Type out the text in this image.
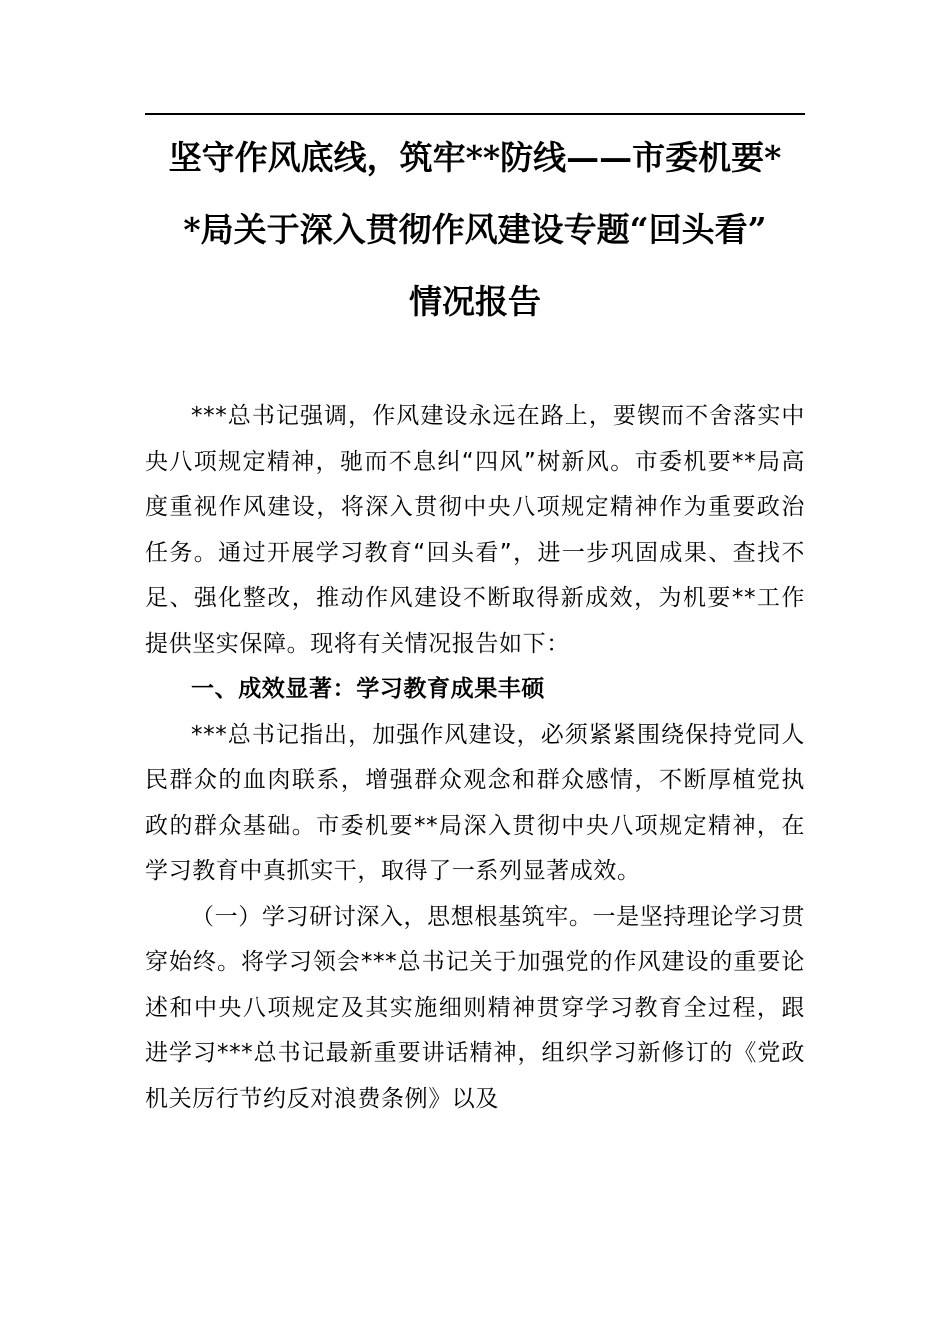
坚守作风底线，筑牢**防线——市委机要*
*局关于深入贯彻作风建设专题“回头看”
情况报告

***总书记强调，作风建设永远在路上，要锲而不舍落实中央八项规定精神，驰而不息纠“四风”树新风。市委机要**局高度重视作风建设，将深入贯彻中央八项规定精神作为重要政治任务。通过开展学习教育“回头看”，进一步巩固成果、查找不足、强化整改，推动作风建设不断取得新成效，为机要**工作提供坚实保障。现将有关情况报告如下：

一、成效显著：学习教育成果丰硕

***总书记指出，加强作风建设，必须紧紧围绕保持党同人民群众的血肉联系，增强群众观念和群众感情，不断厚植党执政的群众基础。市委机要**局深入贯彻中央八项规定精神，在学习教育中真抓实干，取得了一系列显著成效。

（一）学习研讨深入，思想根基筑牢。一是坚持理论学习贯穿始终。将学习领会***总书记关于加强党的作风建设的重要论述和中央八项规定及其实施细则精神贯穿学习教育全过程，跟进学习***总书记最新重要讲话精神，组织学习新修订的《党政机关厉行节约反对浪费条例》以及
